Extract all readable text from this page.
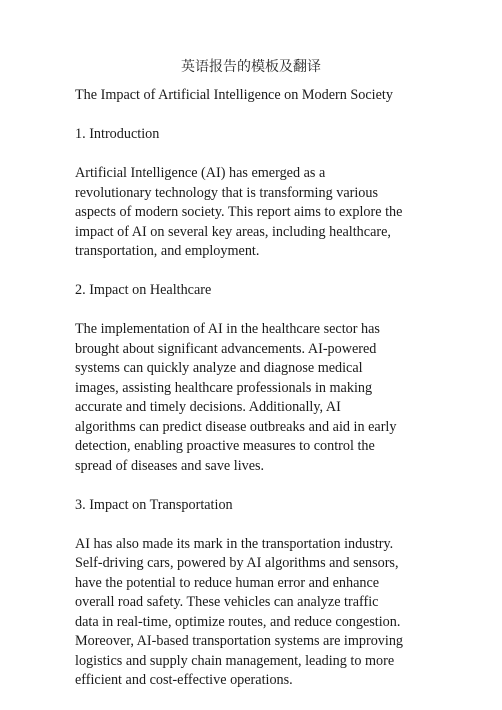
英语报告的模板及翻译

The Impact of Artificial Intelligence on Modern Society

1. Introduction

Artificial Intelligence (AI) has emerged as a revolutionary technology that is transforming various aspects of modern society. This report aims to explore the impact of AI on several key areas, including healthcare, transportation, and employment.

2. Impact on Healthcare

The implementation of AI in the healthcare sector has brought about significant advancements. AI-powered systems can quickly analyze and diagnose medical images, assisting healthcare professionals in making accurate and timely decisions. Additionally, AI algorithms can predict disease outbreaks and aid in early detection, enabling proactive measures to control the spread of diseases and save lives.

3. Impact on Transportation

AI has also made its mark in the transportation industry. Self-driving cars, powered by AI algorithms and sensors, have the potential to reduce human error and enhance overall road safety. These vehicles can analyze traffic data in real-time, optimize routes, and reduce congestion. Moreover, AI-based transportation systems are improving logistics and supply chain management, leading to more efficient and cost-effective operations.
